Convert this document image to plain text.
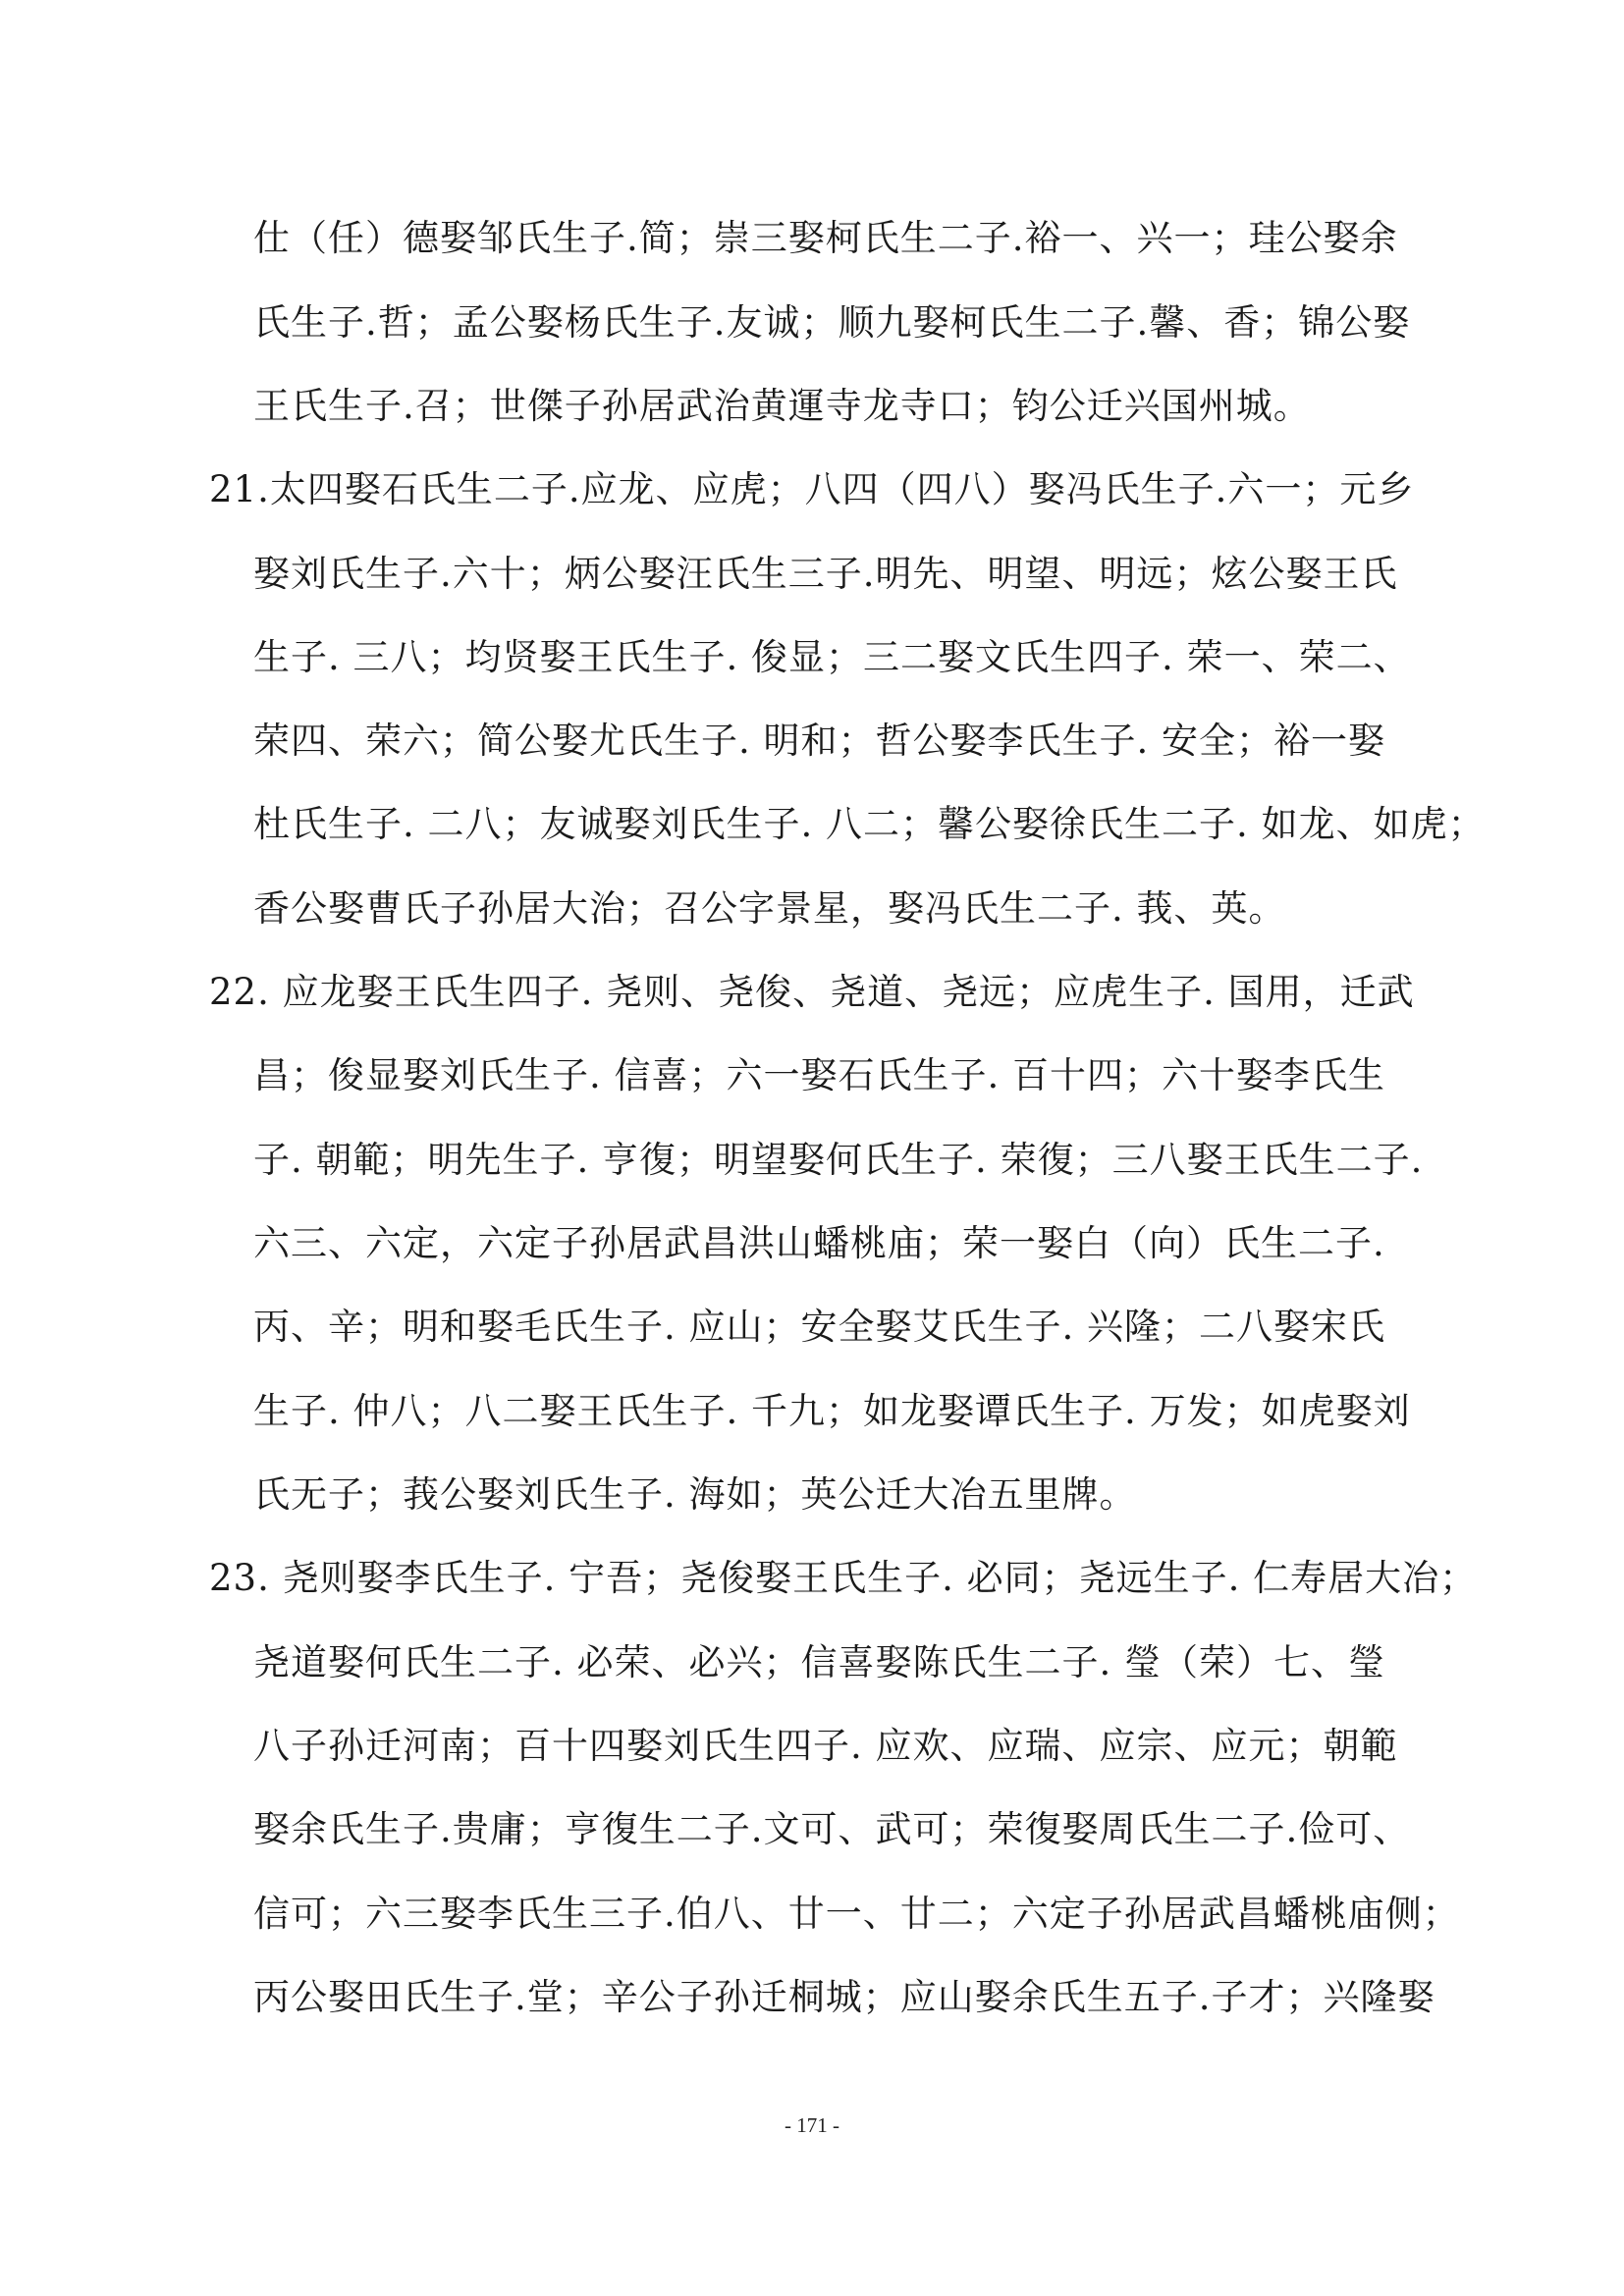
仕（任）德娶邹氏生子.简；崇三娶柯氏生二子.裕一、兴一；珪公娶余
氏生子.哲；孟公娶杨氏生子.友诚；顺九娶柯氏生二子.馨、香；锦公娶
王氏生子.召；世傑子孙居武治黄運寺龙寺口；钧公迁兴国州城。
21.太四娶石氏生二子.应龙、应虎；八四（四八）娶冯氏生子.六一；元乡
娶刘氏生子.六十；炳公娶汪氏生三子.明先、明望、明远；炫公娶王氏
生子. 三八；均贤娶王氏生子. 俊显；三二娶文氏生四子. 荣一、荣二、
荣四、荣六；简公娶尤氏生子. 明和；哲公娶李氏生子. 安全；裕一娶
杜氏生子. 二八；友诚娶刘氏生子. 八二；馨公娶徐氏生二子. 如龙、如虎；
香公娶曹氏子孙居大治；召公字景星，娶冯氏生二子. 莪、英。
22. 应龙娶王氏生四子. 尧则、尧俊、尧道、尧远；应虎生子. 国用，迁武
昌；俊显娶刘氏生子. 信喜；六一娶石氏生子. 百十四；六十娶李氏生
子. 朝範；明先生子. 亨復；明望娶何氏生子. 荣復；三八娶王氏生二子.
六三、六定，六定子孙居武昌洪山蟠桃庙；荣一娶白（向）氏生二子.
丙、辛；明和娶毛氏生子. 应山；安全娶艾氏生子. 兴隆；二八娶宋氏
生子. 仲八；八二娶王氏生子. 千九；如龙娶谭氏生子. 万发；如虎娶刘
氏无子；莪公娶刘氏生子. 海如；英公迁大冶五里牌。
23. 尧则娶李氏生子. 宁吾；尧俊娶王氏生子. 必同；尧远生子. 仁寿居大冶；
尧道娶何氏生二子. 必荣、必兴；信喜娶陈氏生二子. 瑩（荣）七、瑩
八子孙迁河南；百十四娶刘氏生四子. 应欢、应瑞、应宗、应元；朝範
娶余氏生子.贵庸；亨復生二子.文可、武可；荣復娶周氏生二子.俭可、
信可；六三娶李氏生三子.伯八、廿一、廿二；六定子孙居武昌蟠桃庙侧；
丙公娶田氏生子.堂；辛公子孙迁桐城；应山娶余氏生五子.子才；兴隆娶
- 171 -
